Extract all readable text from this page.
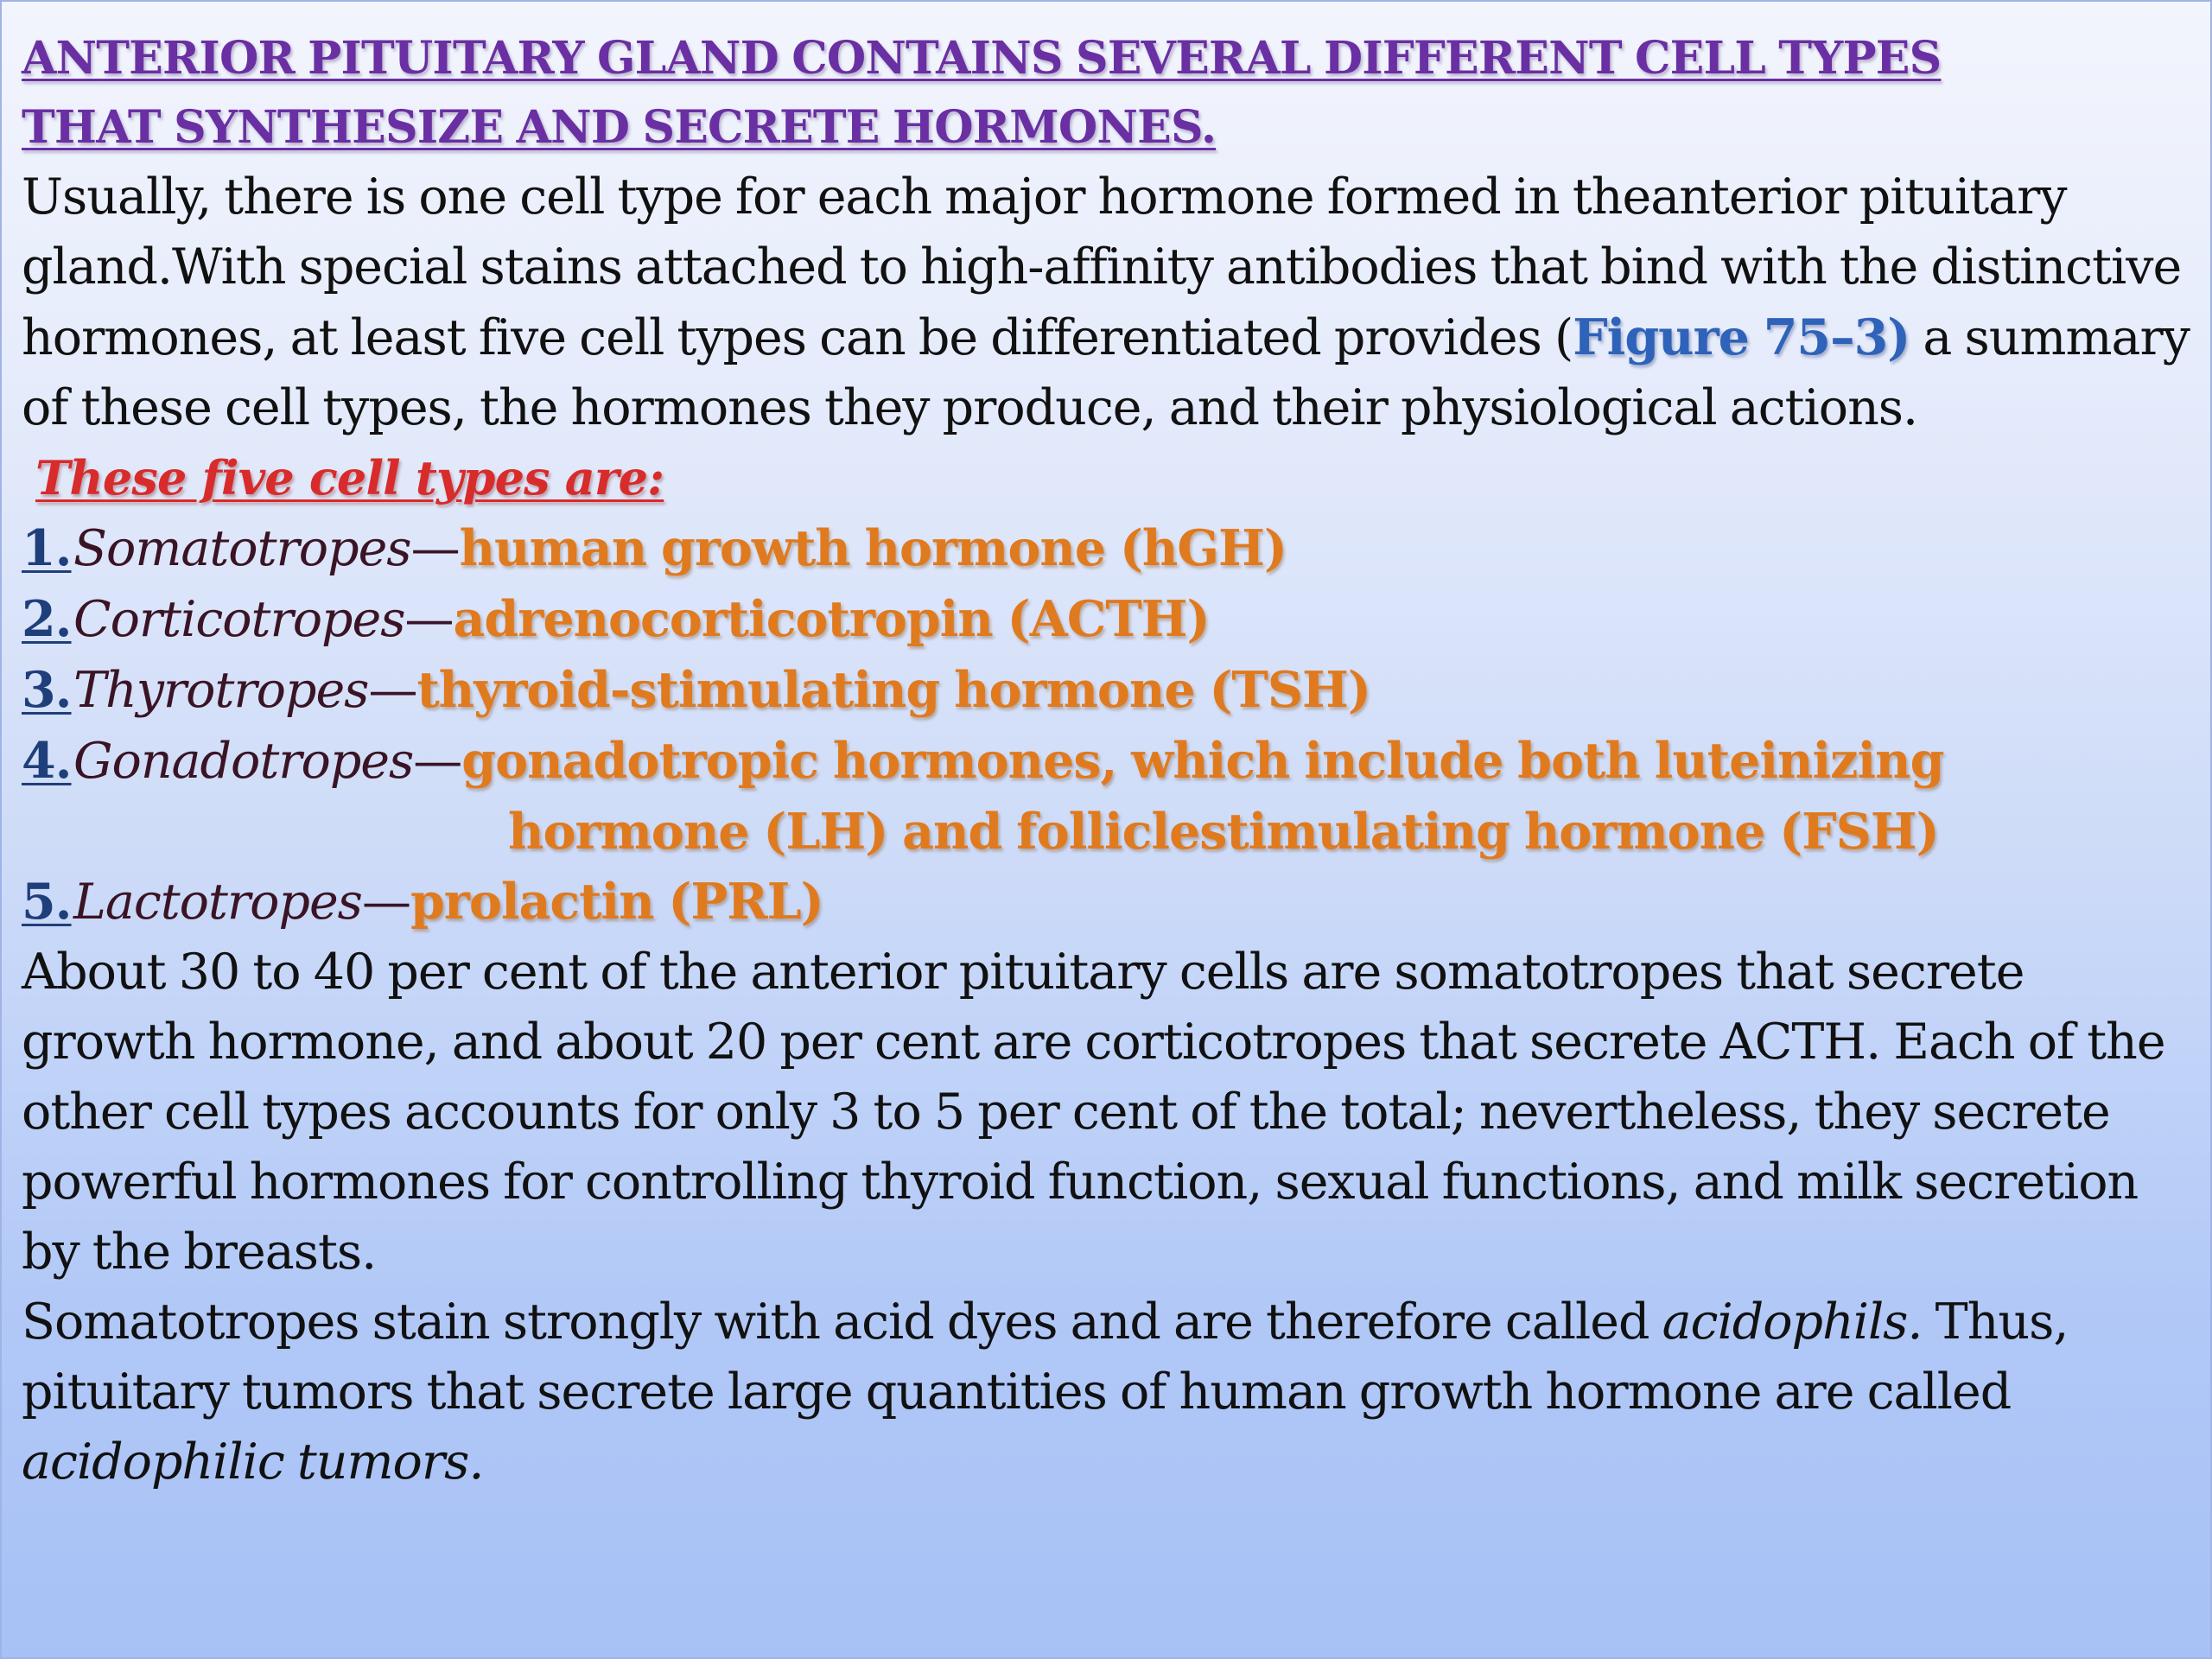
ANTERIOR PITUITARY GLAND CONTAINS SEVERAL DIFFERENT CELL TYPES
THAT SYNTHESIZE AND SECRETE HORMONES.

Usually, there is one cell type for each major hormone formed in theanterior pituitary gland.With special stains attached to high-affinity antibodies that bind with the distinctive hormones, at least five cell types can be differentiated provides (Figure 75–3) a summary of these cell types, the hormones they produce, and their physiological actions.

These five cell types are:
1.Somatotropes—human growth hormone (hGH)
2.Corticotropes—adrenocorticotropin (ACTH)
3.Thyrotropes—thyroid-stimulating hormone (TSH)
4.Gonadotropes—gonadotropic hormones, which include both luteinizing
hormone (LH) and folliclestimulating hormone (FSH)
5.Lactotropes—prolactin (PRL)

About 30 to 40 per cent of the anterior pituitary cells are somatotropes that secrete growth hormone, and about 20 per cent are corticotropes that secrete ACTH. Each of the other cell types accounts for only 3 to 5 per cent of the total; nevertheless, they secrete powerful hormones for controlling thyroid function, sexual functions, and milk secretion by the breasts.

Somatotropes stain strongly with acid dyes and are therefore called acidophils. Thus, pituitary tumors that secrete large quantities of human growth hormone are called acidophilic tumors.
